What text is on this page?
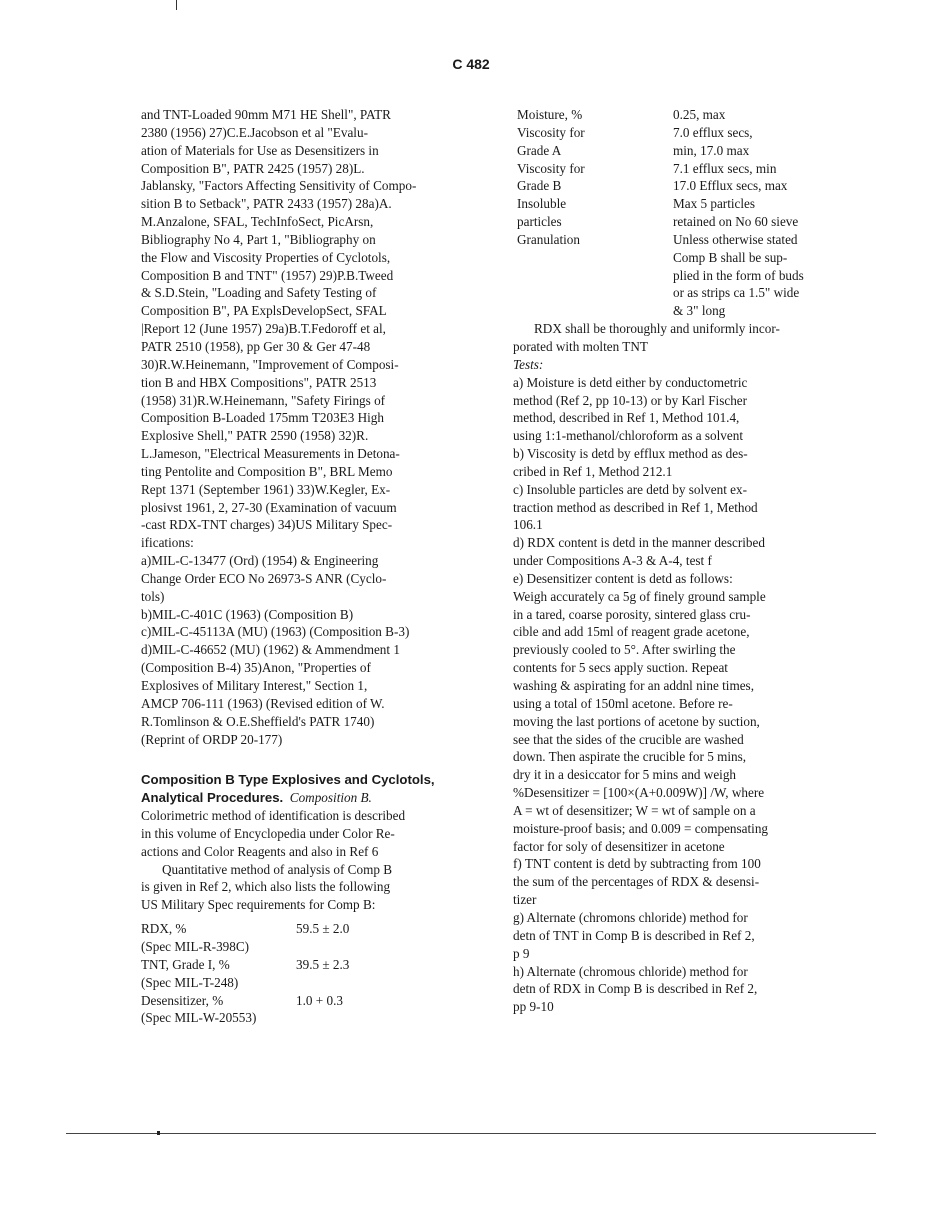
C 482
and TNT-Loaded 90mm M71 HE Shell", PATR
2380 (1956) 27)C.E.Jacobson et al "Evalu-
ation of Materials for Use as Desensitizers in
Composition B", PATR 2425 (1957) 28)L.
Jablansky, "Factors Affecting Sensitivity of Compo-
sition B to Setback", PATR 2433 (1957) 28a)A.
M.Anzalone, SFAL, TechInfoSect, PicArsn,
Bibliography No 4, Part 1, "Bibliography on
the Flow and Viscosity Properties of Cyclotols,
Composition B and TNT" (1957) 29)P.B.Tweed
& S.D.Stein, "Loading and Safety Testing of
Composition B", PA ExplsDevelopSect, SFAL
|Report 12 (June 1957) 29a)B.T.Fedoroff et al,
PATR 2510 (1958), pp Ger 30 & Ger 47-48
30)R.W.Heinemann, "Improvement of Composi-
tion B and HBX Compositions", PATR 2513
(1958) 31)R.W.Heinemann, "Safety Firings of
Composition B-Loaded 175mm T203E3 High
Explosive Shell," PATR 2590 (1958) 32)R.
L.Jameson, "Electrical Measurements in Detona-
ting Pentolite and Composition B", BRL Memo
Rept 1371 (September 1961) 33)W.Kegler, Ex-
plosivst 1961, 2, 27-30 (Examination of vacuum
-cast RDX-TNT charges) 34)US Military Spec-
ifications:
a)MIL-C-13477 (Ord) (1954) & Engineering
Change Order ECO No 26973-S ANR (Cyclo-
tols)
b)MIL-C-401C (1963) (Composition B)
c)MIL-C-45113A (MU) (1963) (Composition B-3)
d)MIL-C-46652 (MU) (1962) & Ammendment 1
(Composition B-4) 35)Anon, "Properties of
Explosives of Military Interest," Section 1,
AMCP 706-111 (1963) (Revised edition of W.
R.Tomlinson & O.E.Sheffield's PATR 1740)
(Reprint of ORDP 20-177)
Composition B Type Explosives and Cyclotols,
Analytical Procedures. Composition B.
Colorimetric method of identification is described
in this volume of Encyclopedia under Color Re-
actions and Color Reagents and also in Ref 6
Quantitative method of analysis of Comp B
is given in Ref 2, which also lists the following
US Military Spec requirements for Comp B:
RDX, %	59.5 ± 2.0
(Spec MIL-R-398C)
TNT, Grade I, %	39.5 ± 2.3
(Spec MIL-T-248)
Desensitizer, %	1.0 + 0.3
(Spec MIL-W-20553)
Moisture, %	0.25, max
Viscosity for	7.0 efflux secs,
Grade A	min, 17.0 max
Viscosity for	7.1 efflux secs, min
Grade B	17.0 Efflux secs, max
Insoluble	Max 5 particles
particles	retained on No 60 sieve
Granulation	Unless otherwise stated
Comp B shall be sup-
plied in the form of buds
or as strips ca 1.5" wide
& 3" long
RDX shall be thoroughly and uniformly incor-
porated with molten TNT
Tests:
a) Moisture is detd either by conductometric
method (Ref 2, pp 10-13) or by Karl Fischer
method, described in Ref 1, Method 101.4,
using 1:1-methanol/chloroform as a solvent
b) Viscosity is detd by efflux method as des-
cribed in Ref 1, Method 212.1
c) Insoluble particles are detd by solvent ex-
traction method as described in Ref 1, Method
106.1
d) RDX content is detd in the manner described
under Compositions A-3 & A-4, test f
e) Desensitizer content is detd as follows:
Weigh accurately ca 5g of finely ground sample
in a tared, coarse porosity, sintered glass cru-
cible and add 15ml of reagent grade acetone,
previously cooled to 5°. After swirling the
contents for 5 secs apply suction. Repeat
washing & aspirating for an addnl nine times,
using a total of 150ml acetone. Before re-
moving the last portions of acetone by suction,
see that the sides of the crucible are washed
down. Then aspirate the crucible for 5 mins,
dry it in a desiccator for 5 mins and weigh
%Desensitizer = [100×(A+0.009W)] /W, where
A = wt of desensitizer; W = wt of sample on a
moisture-proof basis; and 0.009 = compensating
factor for soly of desensitizer in acetone
f) TNT content is detd by subtracting from 100
the sum of the percentages of RDX & desensi-
tizer
g) Alternate (chromons chloride) method for
detn of TNT in Comp B is described in Ref 2,
p 9
h) Alternate (chromous chloride) method for
detn of RDX in Comp B is described in Ref 2,
pp 9-10
